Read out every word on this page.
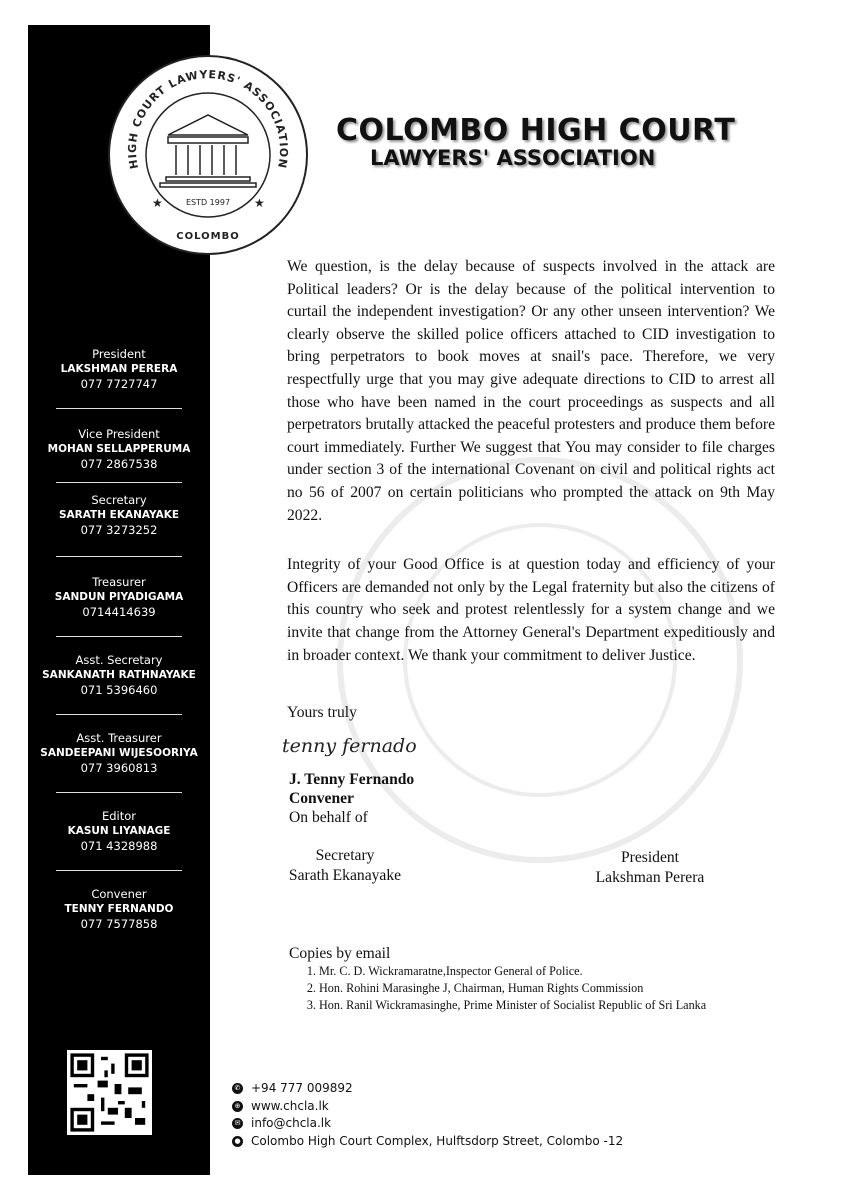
HIGH COURT LAWYERS' ASSOCIATION
ESTD 1997
★	★
COLOMBO
COLOMBO HIGH COURT
LAWYERS' ASSOCIATION
President
LAKSHMAN PERERA
077 7727747
Vice President
MOHAN SELLAPPERUMA
077 2867538
Secretary
SARATH EKANAYAKE
077 3273252
Treasurer
SANDUN PIYADIGAMA
0714414639
Asst. Secretary
SANKANATH RATHNAYAKE
071 5396460
Asst. Treasurer
SANDEEPANI WIJESOORIYA
077 3960813
Editor
KASUN LIYANAGE
071 4328988
Convener
TENNY FERNANDO
077 7577858

We question, is the delay because of suspects involved in the attack are Political leaders? Or is the delay because of the political intervention to curtail the independent investigation? Or any other unseen intervention? We clearly observe the skilled police officers attached to CID investigation to bring perpetrators to book moves at snail's pace. Therefore, we very respectfully urge that you may give adequate directions to CID to arrest all those who have been named in the court proceedings as suspects and all perpetrators brutally attacked the peaceful protesters and produce them before court immediately. Further We suggest that You may consider to file charges under section 3 of the international Covenant on civil and political rights act no 56 of 2007 on certain politicians who prompted the attack on 9th May 2022.

Integrity of your Good Office is at question today and efficiency of your Officers are demanded not only by the Legal fraternity but also the citizens of this country who seek and protest relentlessly for a system change and we invite that change from the Attorney General's Department expeditiously and in broader context. We thank your commitment to deliver Justice.

Yours truly
tenny fernado
J. Tenny Fernando
Convener
On behalf of
Secretary
Sarath Ekanayake
President
Lakshman Perera
Copies by email
1. Mr. C. D. Wickramaratne,Inspector General of Police.
2. Hon. Rohini Marasinghe J, Chairman, Human Rights Commission
3. Hon. Ranil Wickramasinghe, Prime Minister of Socialist Republic of Sri Lanka
✆ +94 777 009892
⊕ www.chcla.lk
✉ info@chcla.lk
● Colombo High Court Complex, Hulftsdorp Street, Colombo -12
